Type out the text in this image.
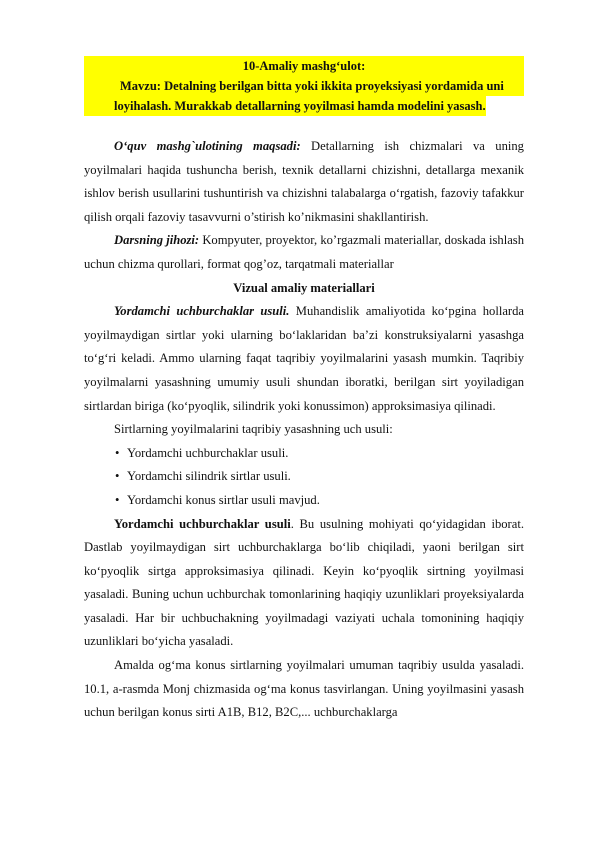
10-Amaliy mashg‘ulot:
Mavzu: Detalning berilgan bitta yoki ikkita proyeksiyasi yordamida uni
loyihalash. Murakkab detallarning yoyilmasi hamda modelini yasash.

O‘quv mashg`ulotining maqsadi: Detallarning ish chizmalari va uning yoyilmalari haqida tushuncha berish, texnik detallarni chizishni, detallarga mexanik ishlov berish usullarini tushuntirish va chizishni talabalarga o‘rgatish, fazoviy tafakkur qilish orqali fazoviy tasavvurni o’stirish ko’nikmasini shakllantirish.

Darsning jihozi: Kompyuter, proyektor, ko’rgazmali materiallar, doskada ishlash uchun chizma qurollari, format qog’oz, tarqatmali materiallar

Vizual amaliy materiallari

Yordamchi uchburchaklar usuli. Muhandislik amaliyotida ko‘pgina hollarda yoyilmaydigan sirtlar yoki ularning bo‘laklaridan ba’zi konstruksiyalarni yasashga to‘g‘ri keladi. Ammo ularning faqat taqribiy yoyilmalarini yasash mumkin. Taqribiy yoyilmalarni yasashning umumiy usuli shundan iboratki, berilgan sirt yoyiladigan sirtlardan biriga (ko‘pyoqlik, silindrik yoki konussimon) approksimasiya qilinadi.

Sirtlarning yoyilmalarini taqribiy yasashning uch usuli:

• Yordamchi uchburchaklar usuli.
• Yordamchi silindrik sirtlar usuli.
• Yordamchi konus sirtlar usuli mavjud.

Yordamchi uchburchaklar usuli. Bu usulning mohiyati qo‘yidagidan iborat. Dastlab yoyilmaydigan sirt uchburchaklarga bo‘lib chiqiladi, yaoni berilgan sirt ko‘pyoqlik sirtga approksimasiya qilinadi. Keyin ko‘pyoqlik sirtning yoyilmasi yasaladi. Buning uchun uchburchak tomonlarining haqiqiy uzunliklari proyeksiyalarda yasaladi. Har bir uchbuchakning yoyilmadagi vaziyati uchala tomonining haqiqiy uzunliklari bo‘yicha yasaladi.

Amalda og‘ma konus sirtlarning yoyilmalari umuman taqribiy usulda yasaladi. 10.1, a-rasmda Monj chizmasida og‘ma konus tasvirlangan. Uning yoyilmasini yasash uchun berilgan konus sirti A1B, B12, B2C,... uchburchaklarga
